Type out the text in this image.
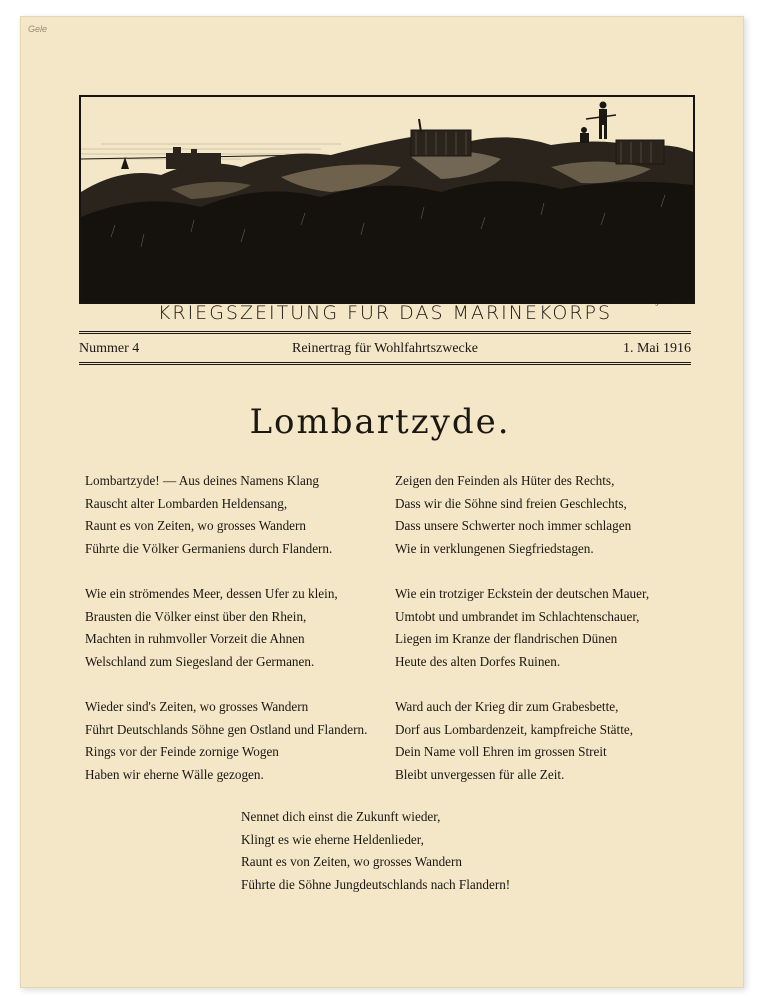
Gele
Sig. Liebhardt
KRIEGSZEITUNG FÜR DAS MARINEKORPS
Nummer 4	Reinertrag für Wohlfahrtszwecke	1. Mai 1916
Lombartzyde.
Lombartzyde! — Aus deines Namens Klang
Rauscht alter Lombarden Heldensang,
Raunt es von Zeiten, wo grosses Wandern
Führte die Völker Germaniens durch Flandern.
Wie ein strömendes Meer, dessen Ufer zu klein,
Brausten die Völker einst über den Rhein,
Machten in ruhmvoller Vorzeit die Ahnen
Welschland zum Siegesland der Germanen.
Wieder sind's Zeiten, wo grosses Wandern
Führt Deutschlands Söhne gen Ostland und Flandern.
Rings vor der Feinde zornige Wogen
Haben wir eherne Wälle gezogen.
Zeigen den Feinden als Hüter des Rechts,
Dass wir die Söhne sind freien Geschlechts,
Dass unsere Schwerter noch immer schlagen
Wie in verklungenen Siegfriedstagen.
Wie ein trotziger Eckstein der deutschen Mauer,
Umtobt und umbrandet im Schlachtenschauer,
Liegen im Kranze der flandrischen Dünen
Heute des alten Dorfes Ruinen.
Ward auch der Krieg dir zum Grabesbette,
Dorf aus Lombardenzeit, kampfreiche Stätte,
Dein Name voll Ehren im grossen Streit
Bleibt unvergessen für alle Zeit.
Nennet dich einst die Zukunft wieder,
Klingt es wie eherne Heldenlieder,
Raunt es von Zeiten, wo grosses Wandern
Führte die Söhne Jungdeutschlands nach Flandern!
